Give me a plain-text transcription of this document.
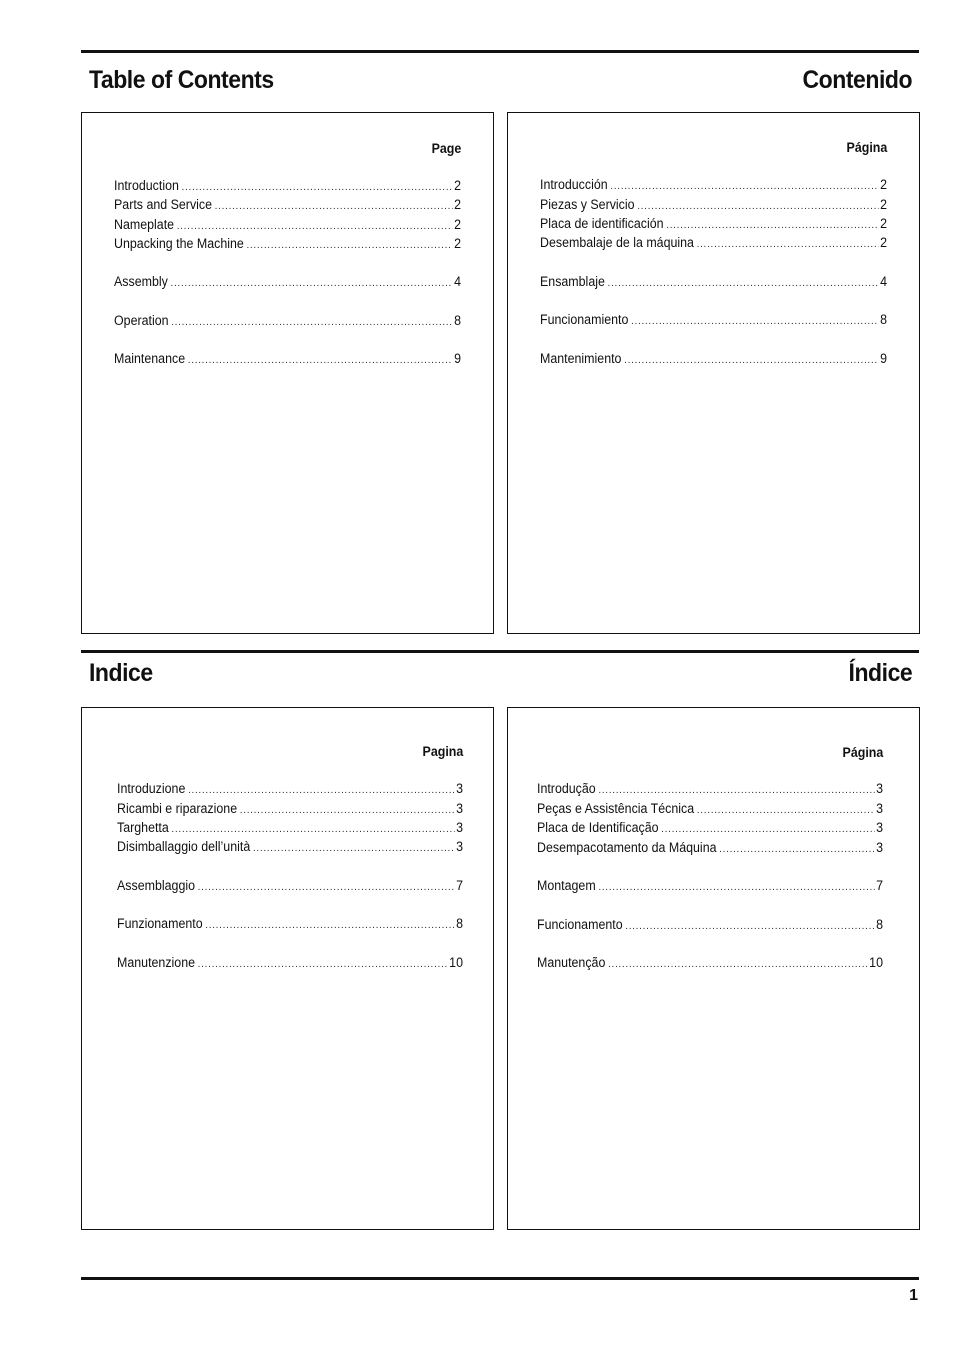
Table of Contents	Contenido
Indice	Índice
Page
Introduction .....	2
Parts and Service .....	2
Nameplate .....	2
Unpacking the Machine .....	2
Assembly .....	4
Operation .....	8
Maintenance .....	9
Página
Introducción .....	2
Piezas y Servicio .....	2
Placa de identificación .....	2
Desembalaje de la máquina .....	2
Ensamblaje .....	4
Funcionamiento .....	8
Mantenimiento .....	9
Pagina
Introduzione .....	3
Ricambi e riparazione .....	3
Targhetta .....	3
Disimballaggio dell’unità .....	3
Assemblaggio .....	7
Funzionamento .....	8
Manutenzione .....	10
Página
Introdução .....	3
Peças e Assistência Técnica .....	3
Placa de Identificação .....	3
Desempacotamento da Máquina .....	3
Montagem .....	7
Funcionamento .....	8
Manutenção .....	10
1
